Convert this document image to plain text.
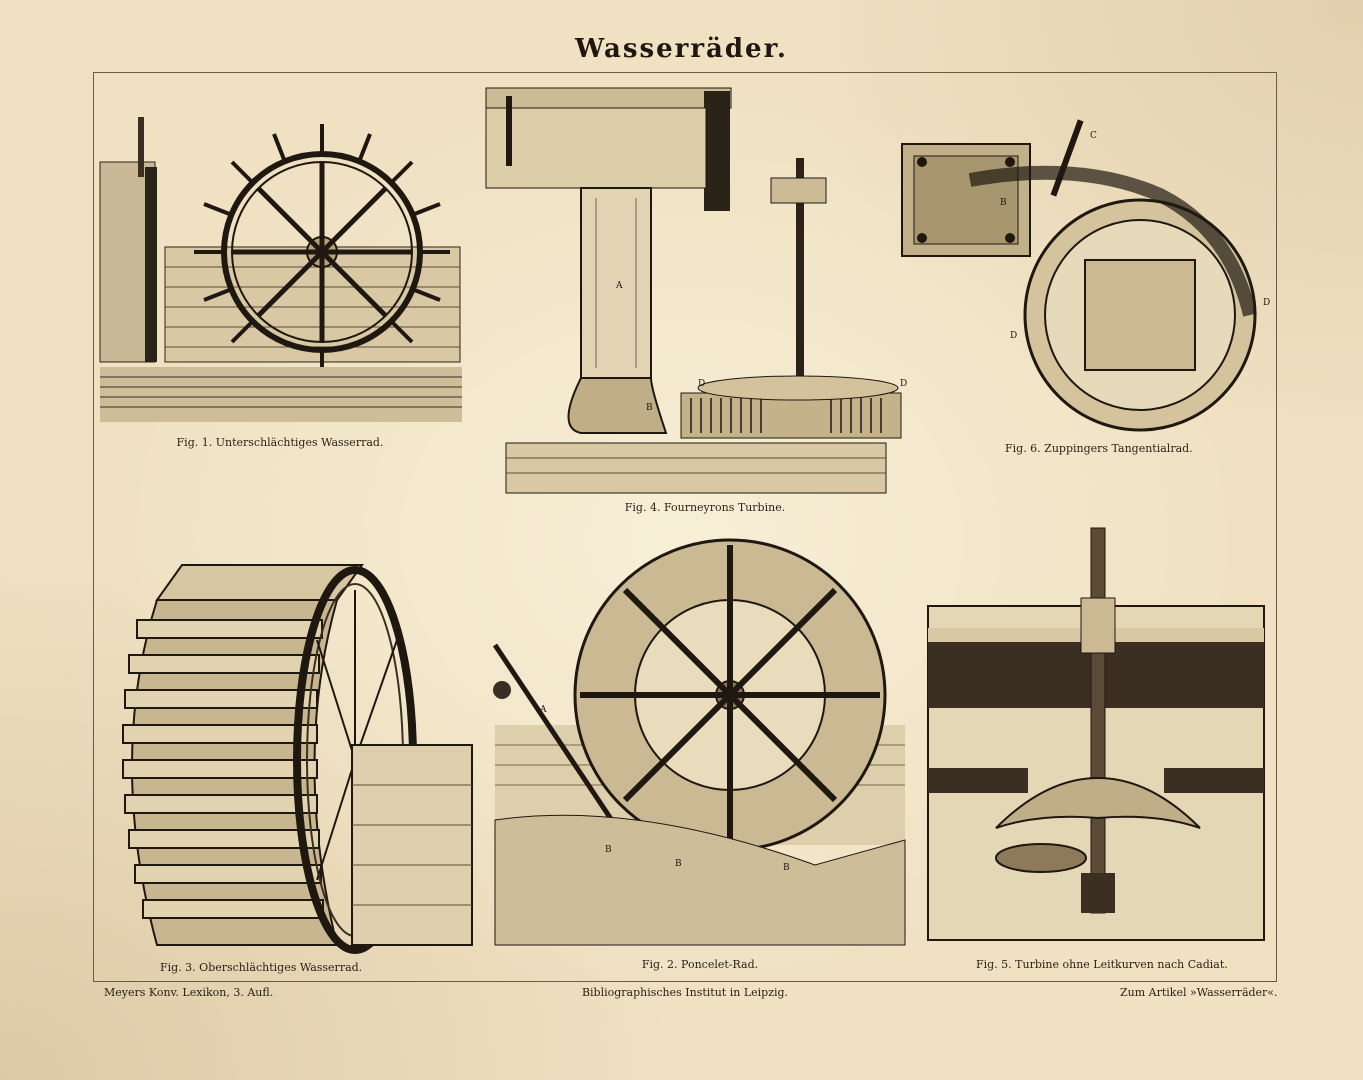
Wasserräder.
Fig. 1. Unterschlächtiges Wasserrad.
A
B
D	D
Fig. 4. Fourneyrons Turbine.
B
C
D
D
Fig. 6. Zuppingers Tangentialrad.
Fig. 3. Oberschlächtiges Wasserrad.
A
B
B	B
Fig. 2. Poncelet-Rad.	Fig. 5. Turbine ohne Leitkurven nach Cadiat.
Meyers Konv. Lexikon, 3. Aufl.	Bibliographisches Institut in Leipzig.	Zum Artikel »Wasserräder«.
